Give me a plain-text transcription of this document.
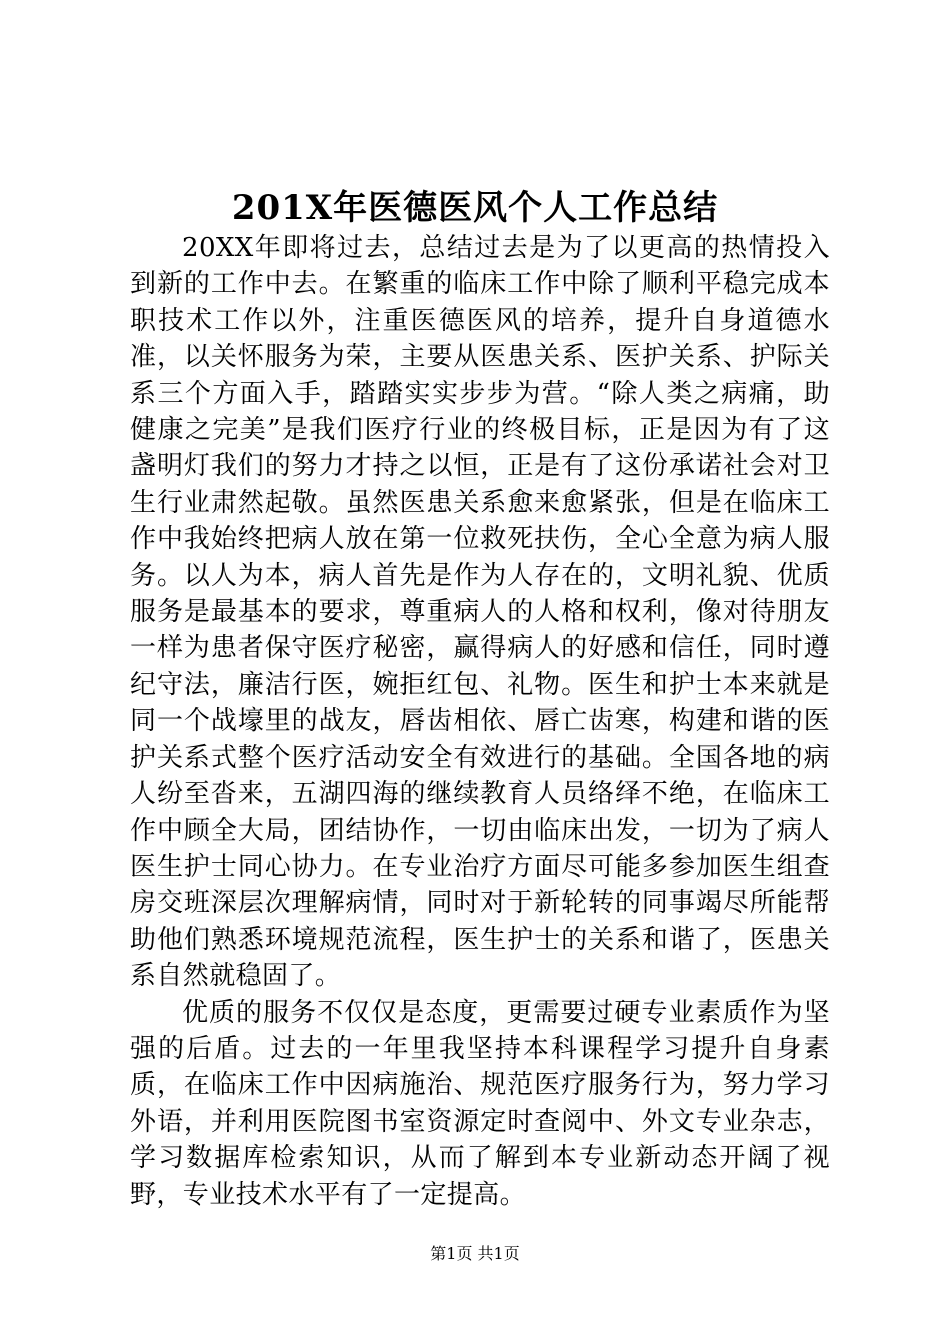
201X年医德医风个人工作总结

20XX年即将过去，总结过去是为了以更高的热情投入到新的工作中去。在繁重的临床工作中除了顺利平稳完成本职技术工作以外，注重医德医风的培养，提升自身道德水准，以关怀服务为荣，主要从医患关系、医护关系、护际关系三个方面入手，踏踏实实步步为营。“除人类之病痛，助健康之完美”是我们医疗行业的终极目标，正是因为有了这盏明灯我们的努力才持之以恒，正是有了这份承诺社会对卫生行业肃然起敬。虽然医患关系愈来愈紧张，但是在临床工作中我始终把病人放在第一位救死扶伤，全心全意为病人服务。以人为本，病人首先是作为人存在的，文明礼貌、优质服务是最基本的要求，尊重病人的人格和权利，像对待朋友一样为患者保守医疗秘密，赢得病人的好感和信任，同时遵纪守法，廉洁行医，婉拒红包、礼物。医生和护士本来就是同一个战壕里的战友，唇齿相依、唇亡齿寒，构建和谐的医护关系式整个医疗活动安全有效进行的基础。全国各地的病人纷至沓来，五湖四海的继续教育人员络绎不绝，在临床工作中顾全大局，团结协作，一切由临床出发，一切为了病人医生护士同心协力。在专业治疗方面尽可能多参加医生组查房交班深层次理解病情，同时对于新轮转的同事竭尽所能帮助他们熟悉环境规范流程，医生护士的关系和谐了，医患关系自然就稳固了。

优质的服务不仅仅是态度，更需要过硬专业素质作为坚强的后盾。过去的一年里我坚持本科课程学习提升自身素质，在临床工作中因病施治、规范医疗服务行为，努力学习外语，并利用医院图书室资源定时查阅中、外文专业杂志，学习数据库检索知识，从而了解到本专业新动态开阔了视野，专业技术水平有了一定提高。

第1页 共1页
